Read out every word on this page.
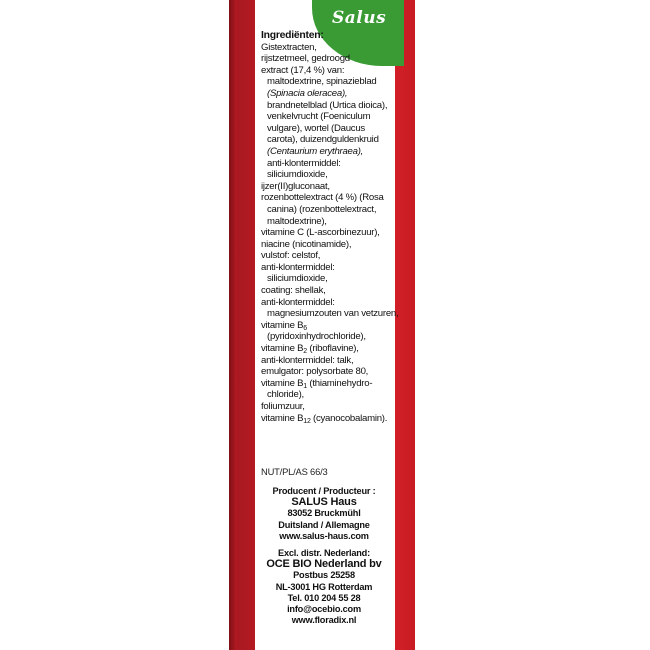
Salus
Ingrediënten:
Gistextracten,
rijstzetmeel, gedroogd
extract (17,4 %) van:
maltodextrine, spinazieblad
(Spinacia oleracea),
brandnetelblad (Urtica dioica),
venkelvrucht (Foeniculum
vulgare), wortel (Daucus
carota), duizendguldenkruid
(Centaurium erythraea),
anti-klontermiddel:
siliciumdioxide,
ijzer(II)gluconaat,
rozenbottelextract (4 %) (Rosa
canina) (rozenbottelextract,
maltodextrine),
vitamine C (L-ascorbinezuur),
niacine (nicotinamide),
vulstof: celstof,
anti-klontermiddel:
siliciumdioxide,
coating: shellak,
anti-klontermiddel:
magnesiumzouten van vetzuren,
vitamine $B_6$
(pyridoxinhydrochloride),
vitamine $B_2$ (riboflavine),
anti-klontermiddel: talk,
emulgator: polysorbate 80,
vitamine $B_1$ (thiaminehydro-
chloride),
foliumzuur,
vitamine $B_{12}$ (cyanocobalamin).
NUT/PL/AS 66/3
Producent / Producteur :
SALUS Haus
83052 Bruckmühl
Duitsland / Allemagne
www.salus-haus.com
Excl. distr. Nederland:
OCE BIO Nederland bv
Postbus 25258
NL-3001 HG Rotterdam
Tel. 010 204 55 28
info@ocebio.com
www.floradix.nl
